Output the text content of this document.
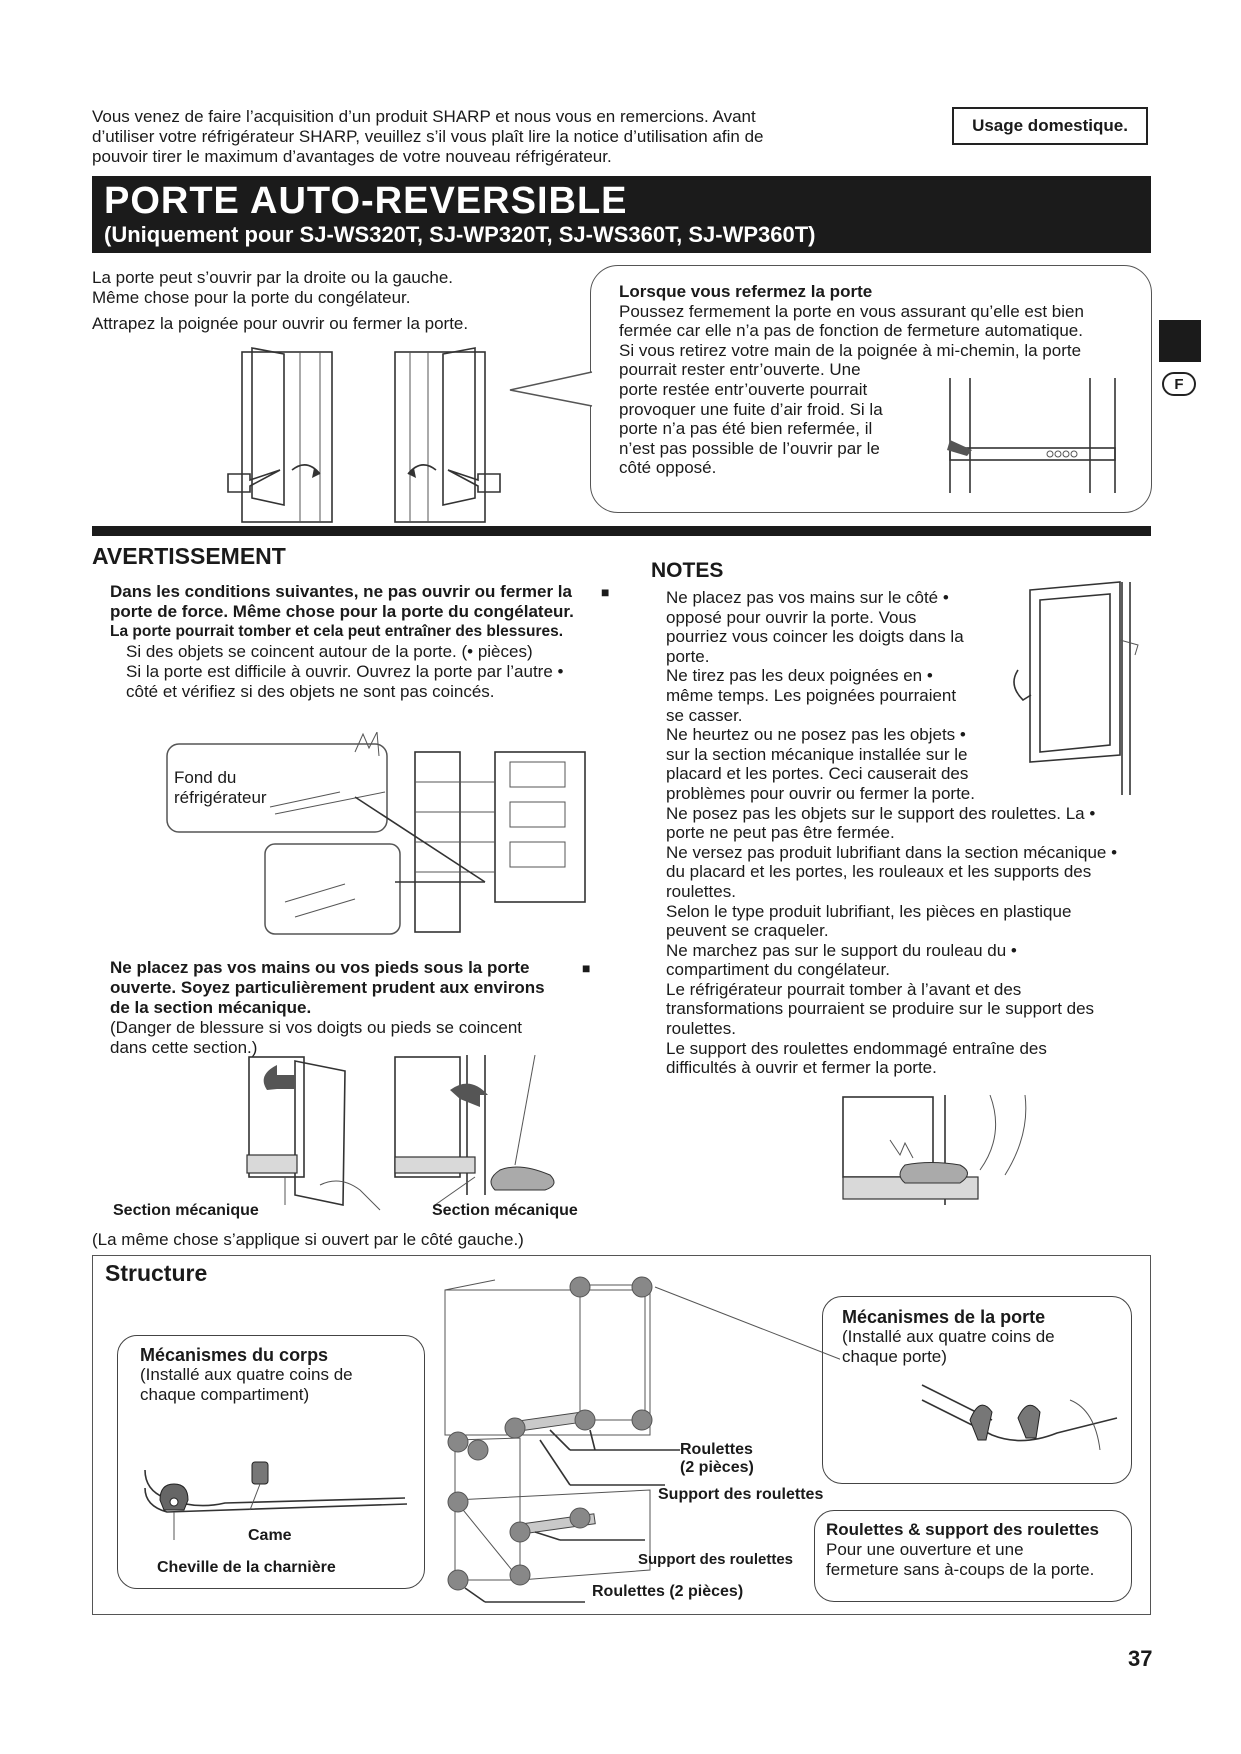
Vous venez de faire l’acquisition d’un produit SHARP et nous vous en remercions. Avant
d’utiliser votre réfrigérateur SHARP, veuillez s’il vous plaît lire la notice d’utilisation afin de
pouvoir tirer le maximum d’avantages de votre nouveau réfrigérateur.
Usage domestique.
PORTE AUTO-REVERSIBLE
(Uniquement pour SJ-WS320T, SJ-WP320T, SJ-WS360T, SJ-WP360T)
F
La porte peut s’ouvrir par la droite ou la gauche.
Même chose pour la porte du congélateur.
Attrapez la poignée pour ouvrir ou fermer la porte.
Lorsque vous refermez la porte
Poussez fermement la porte en vous assurant qu’elle est bien
fermée car elle n’a pas de fonction de fermeture automatique.
Si vous retirez votre main de la poignée à mi-chemin, la porte
pourrait rester entr’ouverte. Une
porte restée entr’ouverte pourrait
provoquer une fuite d’air froid. Si la
porte n’a pas été bien refermée, il
n’est pas possible de l’ouvrir par le
côté opposé.
AVERTISSEMENT
Dans les conditions suivantes, ne pas ouvrir ou fermer la
porte de force. Même chose pour la porte du congélateur.
La porte pourrait tomber et cela peut entraîner des blessures.
Si des objets se coincent autour de la porte. (• pièces)
Si la porte est difficile à ouvrir. Ouvrez la porte par l’autre •
côté et vérifiez si des objets ne sont pas coincés.
■
Fond du
réfrigérateur
Ne placez pas vos mains ou vos pieds sous la porte
ouverte. Soyez particulièrement prudent aux environs
de la section mécanique.
(Danger de blessure si vos doigts ou pieds se coincent
dans cette section.)
■
Section mécanique	Section mécanique
(La même chose s’applique si ouvert par le côté gauche.)
NOTES
Ne placez pas vos mains sur le côté •
opposé pour ouvrir la porte. Vous
pourriez vous coincer les doigts dans la
porte.
Ne tirez pas les deux poignées en •
même temps. Les poignées pourraient
se casser.
Ne heurtez ou ne posez pas les objets •
sur la section mécanique installée sur le
placard et les portes. Ceci causerait des
problèmes pour ouvrir ou fermer la porte.
Ne posez pas les objets sur le support des roulettes. La •
porte ne peut pas être fermée.
Ne versez pas produit lubrifiant dans la section mécanique •
du placard et les portes, les rouleaux et les supports des
roulettes.
Selon le type produit lubrifiant, les pièces en plastique
peuvent se craqueler.
Ne marchez pas sur le support du rouleau du •
compartiment du congélateur.
Le réfrigérateur pourrait tomber à l’avant et des
transformations pourraient se produire sur le support des
roulettes.
Le support des roulettes endommagé entraîne des
difficultés à ouvrir et fermer la porte.
Structure
Mécanismes du corps
(Installé aux quatre coins de
chaque compartiment)
Came
Cheville de la charnière
Roulettes
(2 pièces)
Support des roulettes
Support des roulettes
Roulettes (2 pièces)
Mécanismes de la porte
(Installé aux quatre coins de
chaque porte)
Roulettes & support des roulettes
Pour une ouverture et une
fermeture sans à-coups de la porte.
37
